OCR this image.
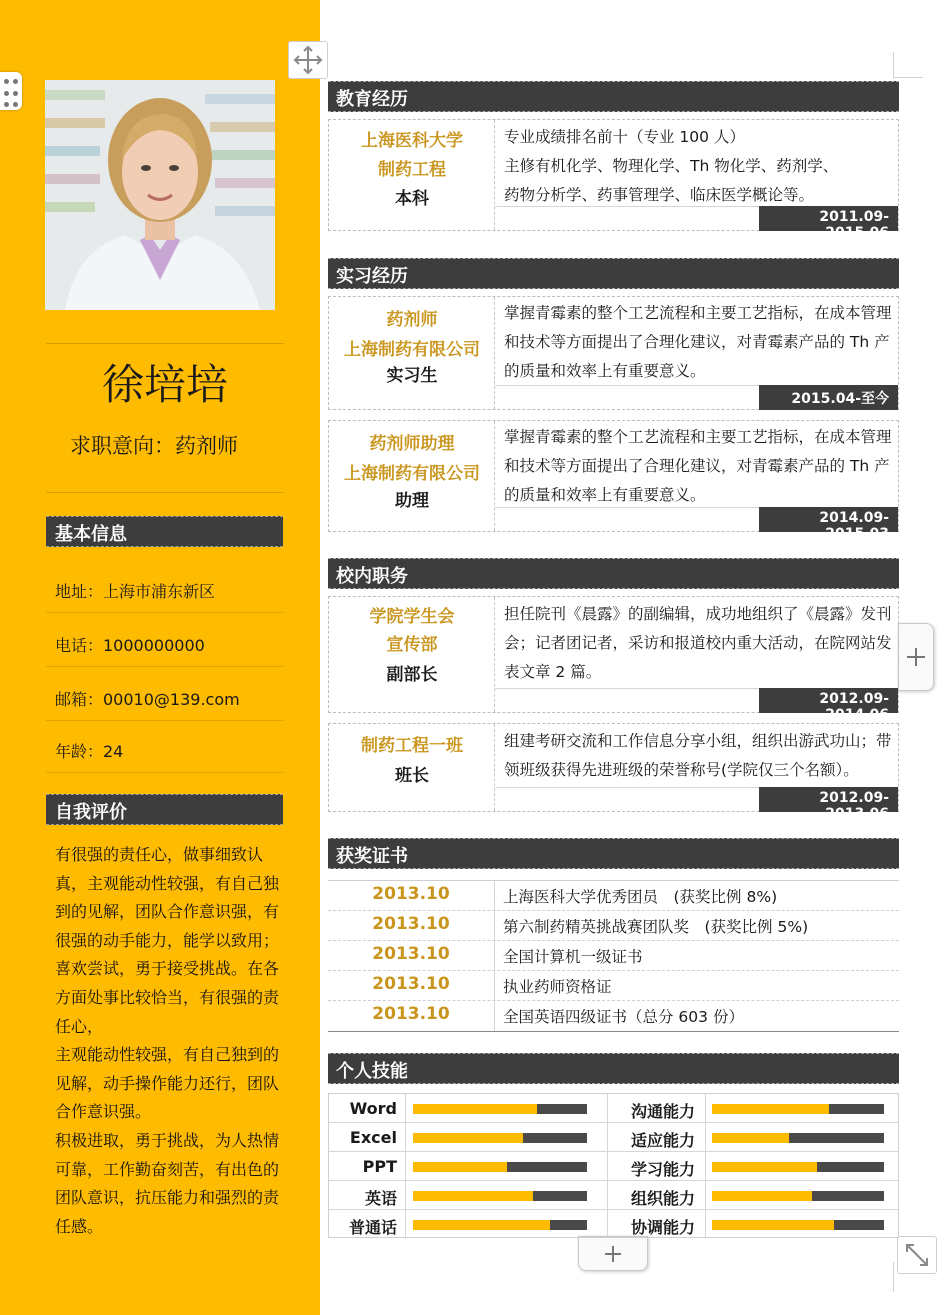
徐培培
求职意向：药剂师
基本信息
地址：上海市浦东新区
电话：1000000000
邮箱：00010@139.com
年龄：24
自我评价

有很强的责任心，做事细致认真，主观能动性较强，有自己独到的见解，团队合作意识强，有很强的动手能力，能学以致用；喜欢尝试，勇于接受挑战。在各方面处事比较恰当，有很强的责任心，

主观能动性较强，有自己独到的见解，动手操作能力还行，团队合作意识强。

积极进取，勇于挑战，为人热情可靠，工作勤奋刻苦，有出色的团队意识，抗压能力和强烈的责任感。

教育经历
上海医科大学
制药工程
本科
专业成绩排名前十（专业 100 人）
主修有机化学、物理化学、Th 物化学、药剂学、
药物分析学、药事管理学、临床医学概论等。
2011.09-2015.06
实习经历
药剂师
上海制药有限公司
实习生
掌握青霉素的整个工艺流程和主要工艺指标，在成本管理和技术等方面提出了合理化建议，对青霉素产品的 Th 产的质量和效率上有重要意义。
2015.04-至今
药剂师助理
上海制药有限公司
助理
掌握青霉素的整个工艺流程和主要工艺指标，在成本管理和技术等方面提出了合理化建议，对青霉素产品的 Th 产的质量和效率上有重要意义。
2014.09-2015.03
校内职务
学院学生会
宣传部
副部长
担任院刊《晨露》的副编辑，成功地组织了《晨露》发刊会；记者团记者，采访和报道校内重大活动，在院网站发表文章 2 篇。
2012.09-2014.06
制药工程一班
班长
组建考研交流和工作信息分享小组，组织出游武功山；带领班级获得先进班级的荣誉称号(学院仅三个名额）。
2012.09-2013.06
获奖证书
2013.10	上海医科大学优秀团员　(获奖比例 8%)
2013.10	第六制药精英挑战赛团队奖　(获奖比例 5%)
2013.10	全国计算机一级证书
2013.10	执业药师资格证
2013.10	全国英语四级证书（总分 603 份）
个人技能
Word	沟通能力
Excel	适应能力
PPT	学习能力
英语	组织能力
普通话	协调能力
